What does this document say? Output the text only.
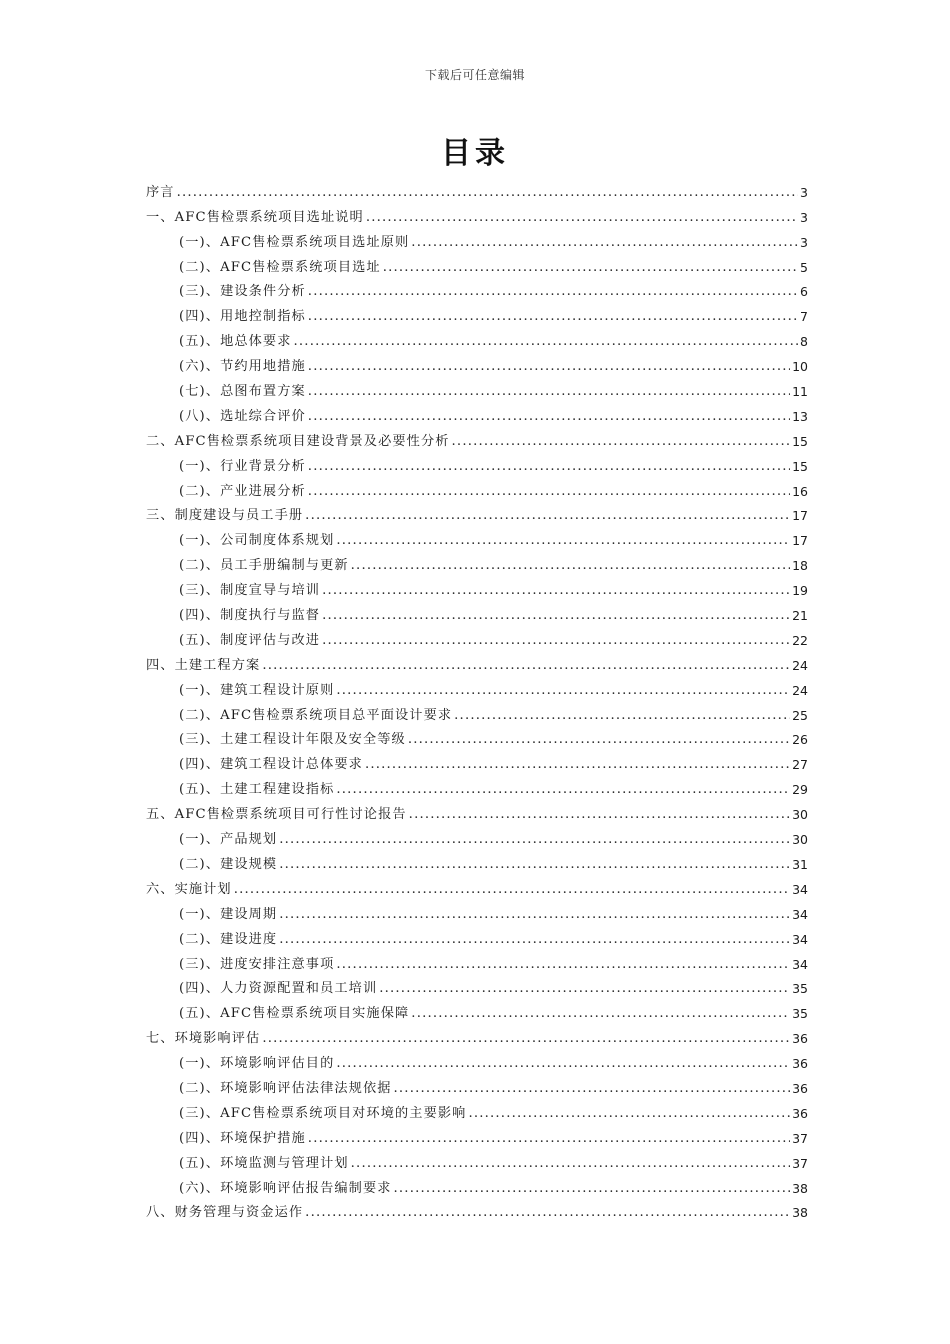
下载后可任意编辑
目录
序言 .....	3
一、AFC售检票系统项目选址说明 .....	3
(一)、AFC售检票系统项目选址原则 .....	3
(二)、AFC售检票系统项目选址 .....	5
(三)、建设条件分析 .....	6
(四)、用地控制指标 .....	7
(五)、地总体要求 .....	8
(六)、节约用地措施 .....	10
(七)、总图布置方案 .....	11
(八)、选址综合评价 .....	13
二、AFC售检票系统项目建设背景及必要性分析 .....	15
(一)、行业背景分析 .....	15
(二)、产业进展分析 .....	16
三、制度建设与员工手册 .....	17
(一)、公司制度体系规划 .....	17
(二)、员工手册编制与更新 .....	18
(三)、制度宣导与培训 .....	19
(四)、制度执行与监督 .....	21
(五)、制度评估与改进 .....	22
四、土建工程方案 .....	24
(一)、建筑工程设计原则 .....	24
(二)、AFC售检票系统项目总平面设计要求 .....	25
(三)、土建工程设计年限及安全等级 .....	26
(四)、建筑工程设计总体要求 .....	27
(五)、土建工程建设指标 .....	29
五、AFC售检票系统项目可行性讨论报告 .....	30
(一)、产品规划 .....	30
(二)、建设规模 .....	31
六、实施计划 .....	34
(一)、建设周期 .....	34
(二)、建设进度 .....	34
(三)、进度安排注意事项 .....	34
(四)、人力资源配置和员工培训 .....	35
(五)、AFC售检票系统项目实施保障 .....	35
七、环境影响评估 .....	36
(一)、环境影响评估目的 .....	36
(二)、环境影响评估法律法规依据 .....	36
(三)、AFC售检票系统项目对环境的主要影响 .....	36
(四)、环境保护措施 .....	37
(五)、环境监测与管理计划 .....	37
(六)、环境影响评估报告编制要求 .....	38
八、财务管理与资金运作 .....	38
